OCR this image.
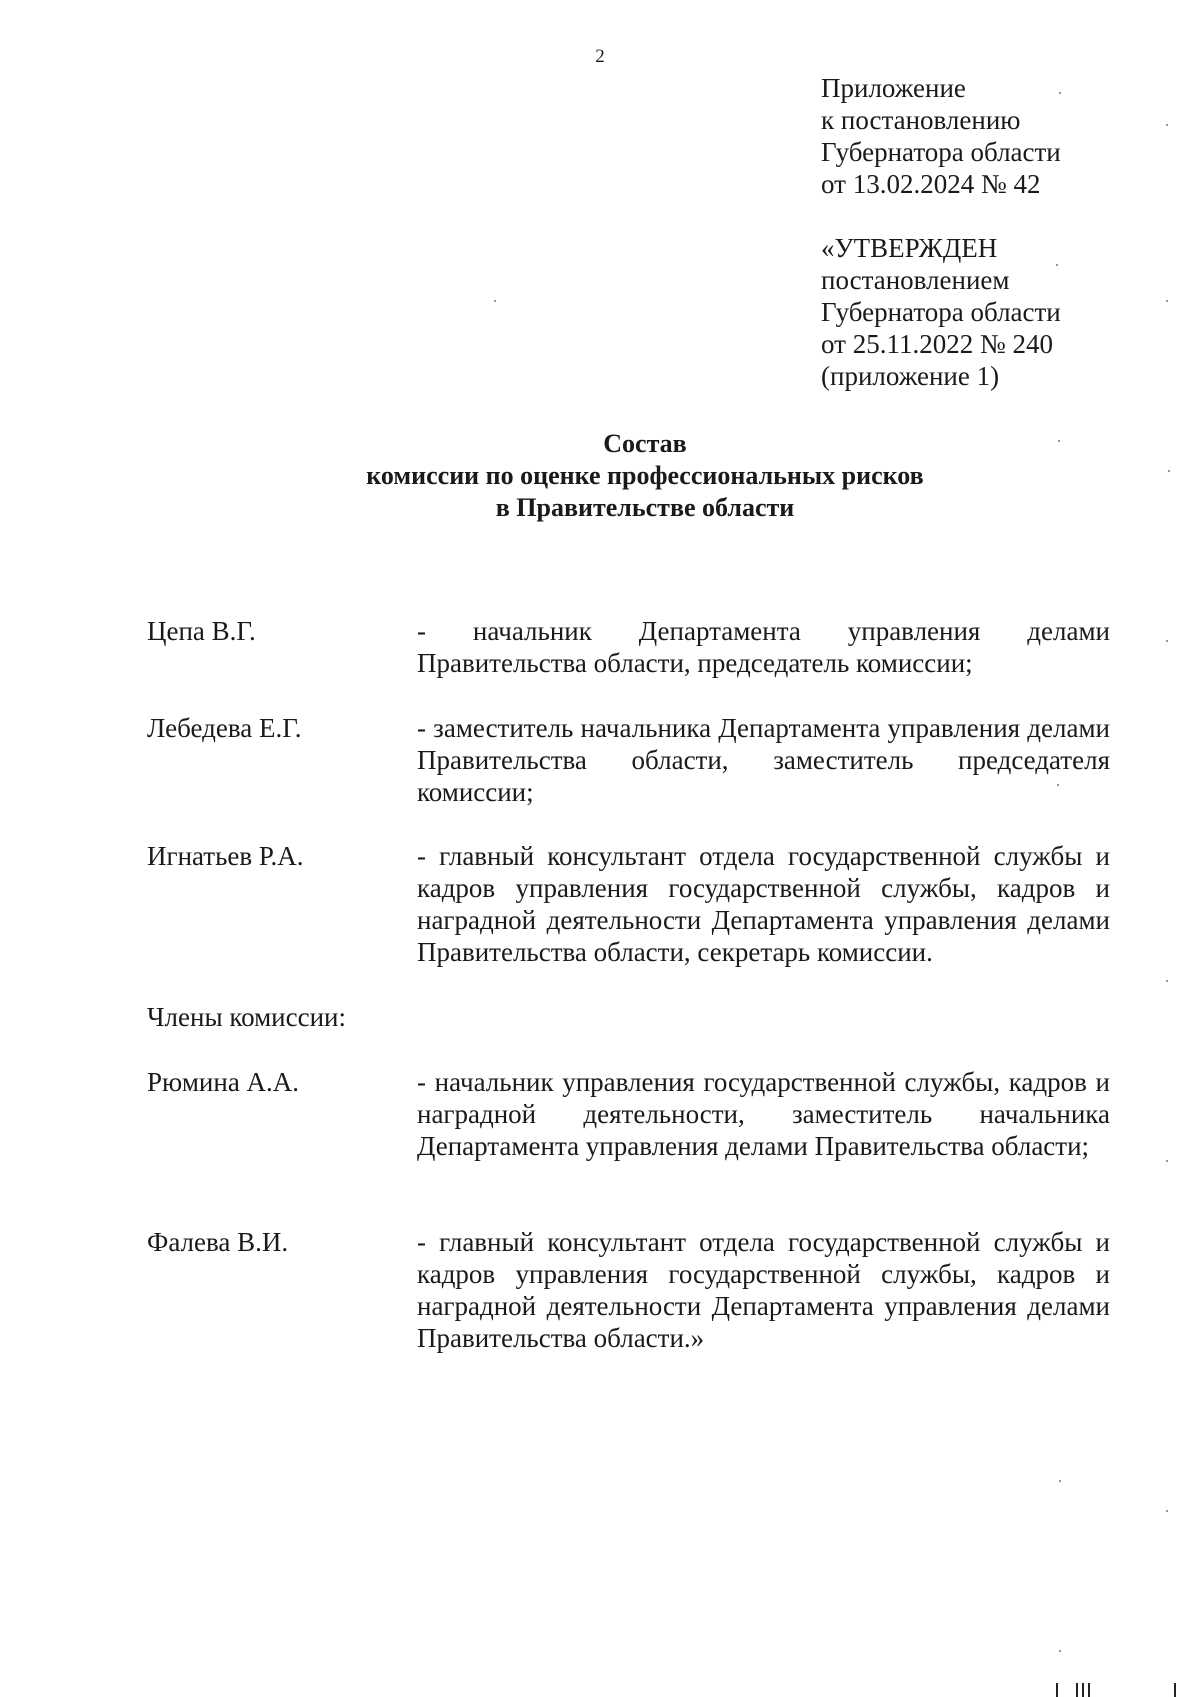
2
Приложение
к постановлению
Губернатора области
от 13.02.2024 № 42
«УТВЕРЖДЕН
постановлением
Губернатора области
от 25.11.2022 № 240
(приложение 1)
Состав
комиссии по оценке профессиональных рисков
в Правительстве области
Цепа В.Г.	- начальник Департамента управления делами Правительства области, председатель комиссии;
Лебедева Е.Г.	- заместитель начальника Департамента управления делами Правительства области, заместитель председателя комиссии;
Игнатьев Р.А.	- главный консультант отдела государственной службы и кадров управления государственной службы, кадров и наградной деятельности Департамента управления делами Правительства области, секретарь комиссии.
Члены комиссии:
Рюмина А.А.	- начальник управления государственной службы, кадров и наградной деятельности, заместитель начальника Департамента управления делами Правительства области;
Фалева В.И.	- главный консультант отдела государственной службы и кадров управления государственной службы, кадров и наградной деятельности Департамента управления делами Правительства области.»
